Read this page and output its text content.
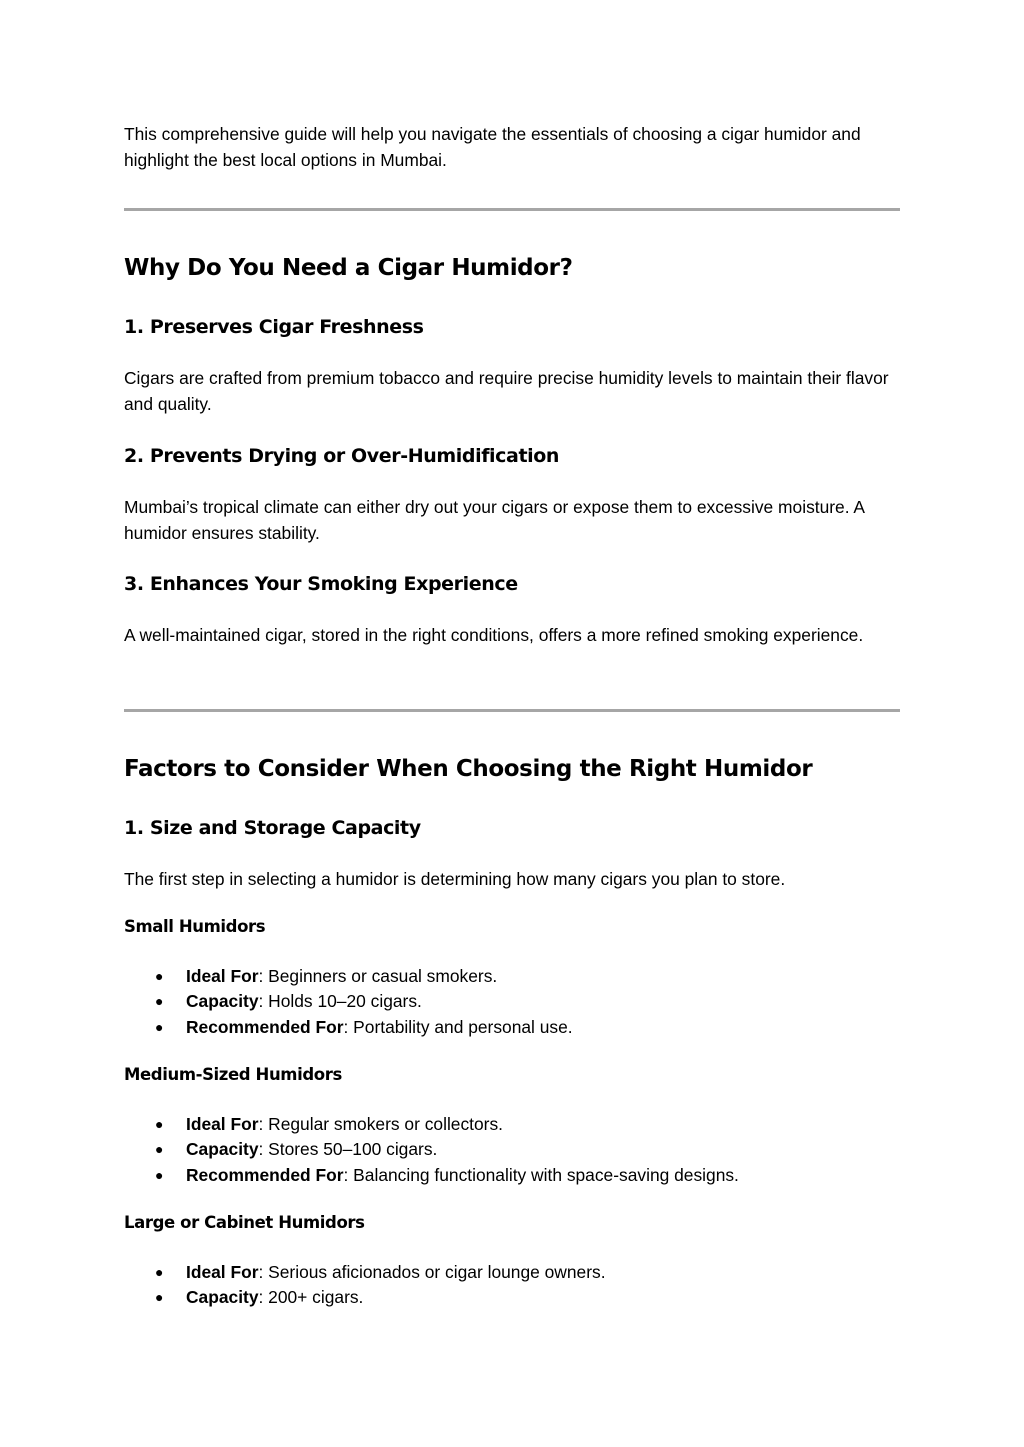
This comprehensive guide will help you navigate the essentials of choosing a cigar humidor and highlight the best local options in Mumbai.

Why Do You Need a Cigar Humidor?
1. Preserves Cigar Freshness

Cigars are crafted from premium tobacco and require precise humidity levels to maintain their flavor and quality.

2. Prevents Drying or Over-Humidification

Mumbai’s tropical climate can either dry out your cigars or expose them to excessive moisture. A humidor ensures stability.

3. Enhances Your Smoking Experience

A well-maintained cigar, stored in the right conditions, offers a more refined smoking experience.

Factors to Consider When Choosing the Right Humidor
1. Size and Storage Capacity

The first step in selecting a humidor is determining how many cigars you plan to store.

Small Humidors
● Ideal For: Beginners or casual smokers.
● Capacity: Holds 10–20 cigars.
● Recommended For: Portability and personal use.
Medium-Sized Humidors
● Ideal For: Regular smokers or collectors.
● Capacity: Stores 50–100 cigars.
● Recommended For: Balancing functionality with space-saving designs.
Large or Cabinet Humidors
● Ideal For: Serious aficionados or cigar lounge owners.
● Capacity: 200+ cigars.
